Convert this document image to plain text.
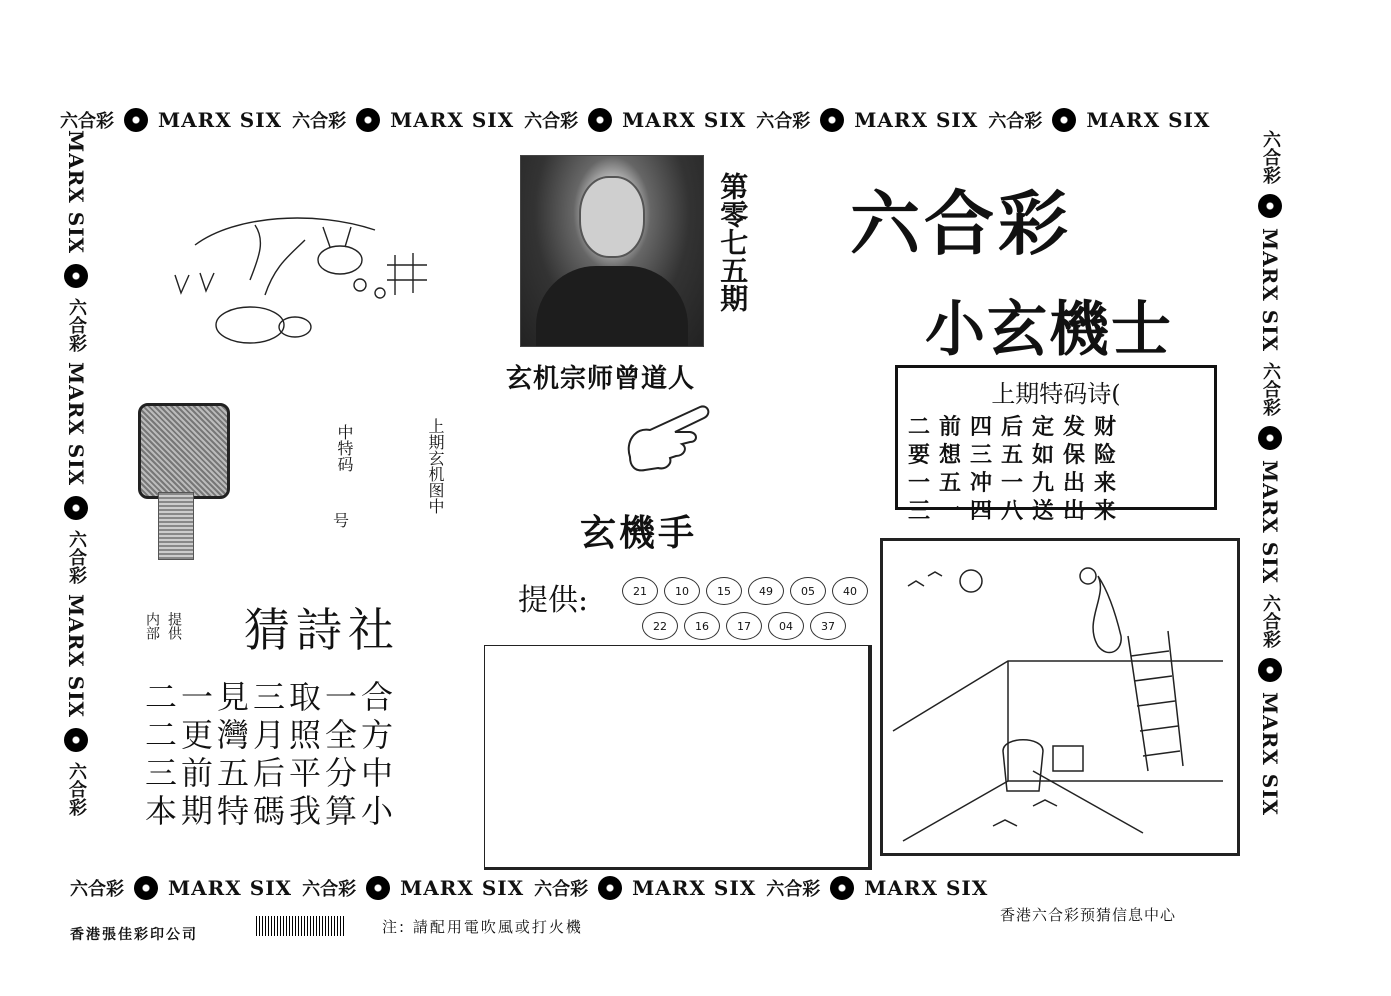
六合彩 MARX SIX 六合彩 MARX SIX 六合彩 MARX SIX 六合彩 MARX SIX 六合彩 MARX SIX
MARX SIX
六合彩
MARX SIX
六合彩
MARX SIX
六合彩
六合彩
MARX SIX
六合彩
MARX SIX
六合彩
MARX SIX
六合彩 MARX SIX 六合彩 MARX SIX 六合彩 MARX SIX 六合彩 MARX SIX
上期玄机图中
中特码
号
第零七五期
玄机宗师曾道人
玄機手
提供:	21	10	15	49	05	40
22	16	17	04	37
六合彩
小玄機士
上期特码诗(
二前四后定发财
要想三五如保险
一五冲一九出来
三一四八送出来
内部 提供 猜詩社
二一見三取一合
二更灣月照全方
三前五后平分中
本期特碼我算小
香港張佳彩印公司	注: 請配用電吹風或打火機
香港六合彩预猜信息中心
